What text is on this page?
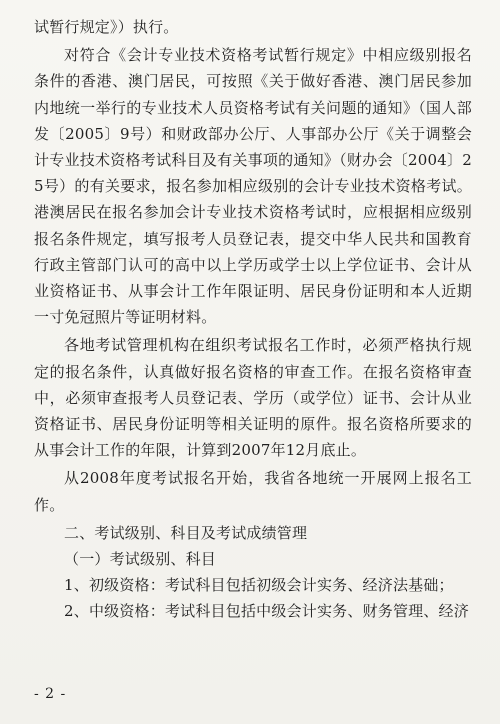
试暂行规定》）执行。

对符合《会计专业技术资格考试暂行规定》中相应级别报名条件的香港、澳门居民，可按照《关于做好香港、澳门居民参加内地统一举行的专业技术人员资格考试有关问题的通知》（国人部发〔2005〕9号）和财政部办公厅、人事部办公厅《关于调整会计专业技术资格考试科目及有关事项的通知》（财办会〔2004〕25号）的有关要求，报名参加相应级别的会计专业技术资格考试。港澳居民在报名参加会计专业技术资格考试时，应根据相应级别报名条件规定，填写报考人员登记表，提交中华人民共和国教育行政主管部门认可的高中以上学历或学士以上学位证书、会计从业资格证书、从事会计工作年限证明、居民身份证明和本人近期一寸免冠照片等证明材料。

各地考试管理机构在组织考试报名工作时，必须严格执行规定的报名条件，认真做好报名资格的审查工作。在报名资格审查中，必须审查报考人员登记表、学历（或学位）证书、会计从业资格证书、居民身份证明等相关证明的原件。报名资格所要求的从事会计工作的年限，计算到2007年12月底止。

从2008年度考试报名开始，我省各地统一开展网上报名工作。

二、考试级别、科目及考试成绩管理

（一）考试级别、科目

1、初级资格：考试科目包括初级会计实务、经济法基础；

2、中级资格：考试科目包括中级会计实务、财务管理、经济

- 2 -
